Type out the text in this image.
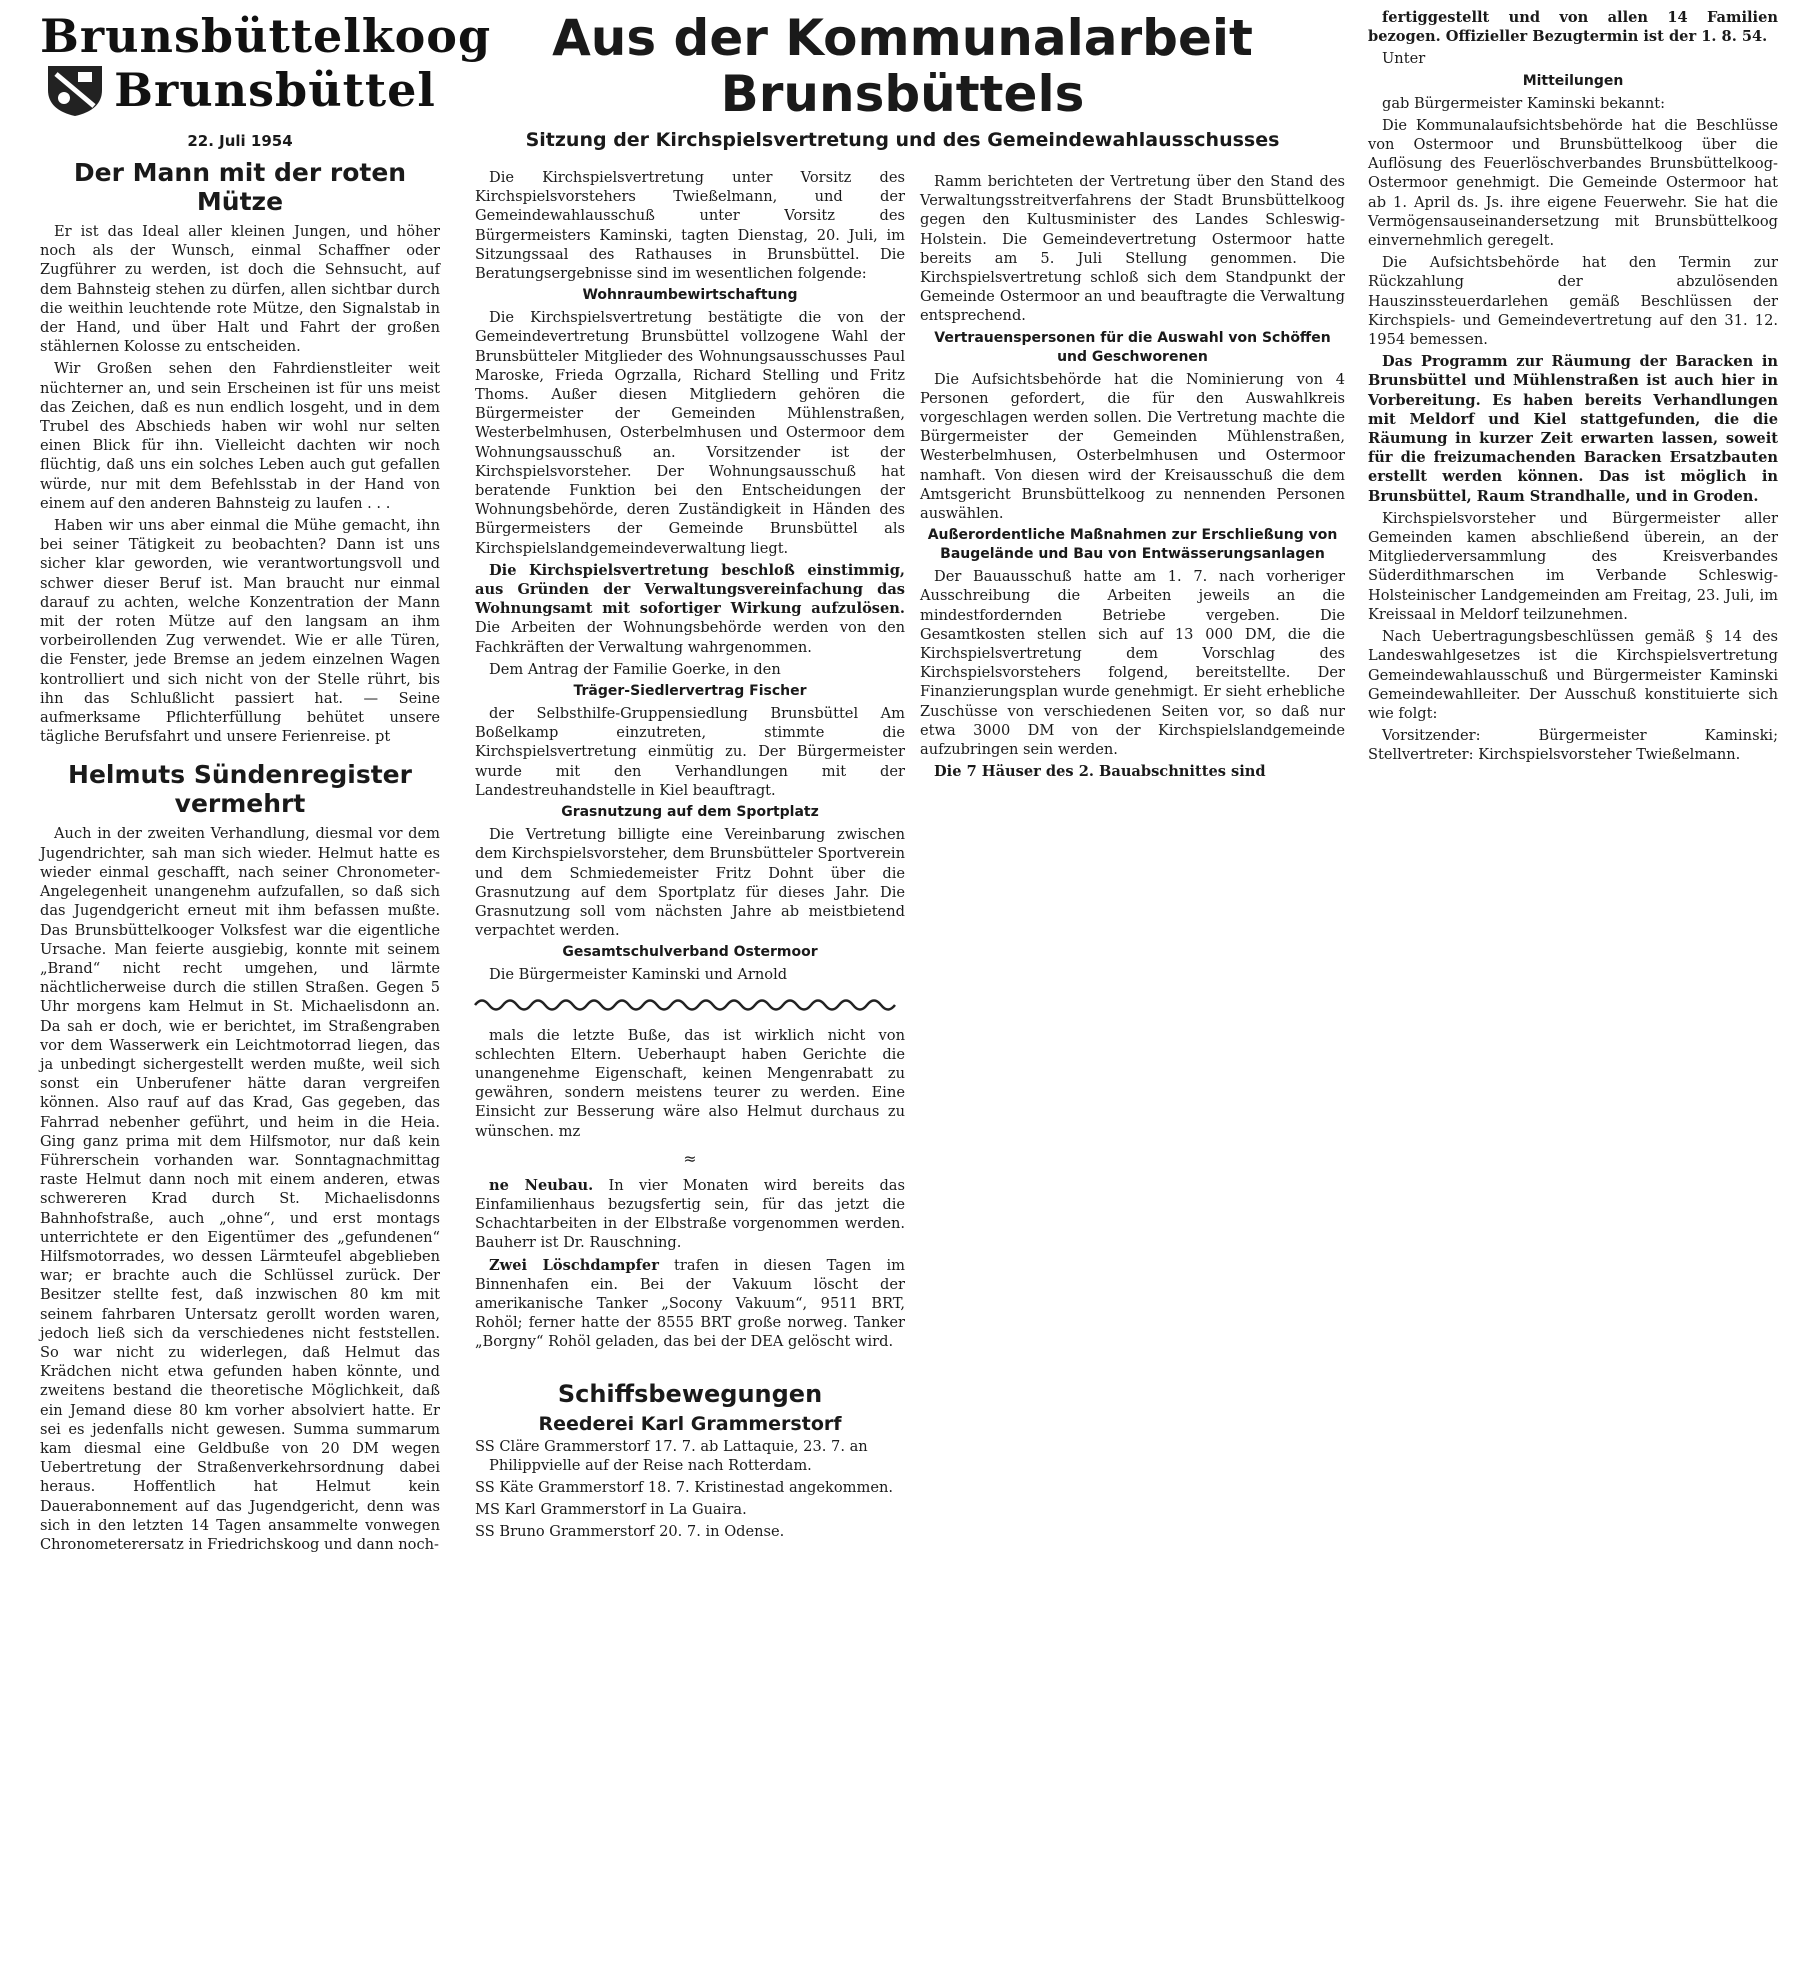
Brunsbüttelkoog
Brunsbüttel
22. Juli 1954
Der Mann mit der roten Mütze

Er ist das Ideal aller kleinen Jungen, und höher noch als der Wunsch, einmal Schaffner oder Zugführer zu werden, ist doch die Sehnsucht, auf dem Bahnsteig stehen zu dürfen, allen sichtbar durch die weithin leuchtende rote Mütze, den Signalstab in der Hand, und über Halt und Fahrt der großen stählernen Kolosse zu entscheiden.

Wir Großen sehen den Fahrdienstleiter weit nüchterner an, und sein Erscheinen ist für uns meist das Zeichen, daß es nun endlich losgeht, und in dem Trubel des Abschieds haben wir wohl nur selten einen Blick für ihn. Vielleicht dachten wir noch flüchtig, daß uns ein solches Leben auch gut gefallen würde, nur mit dem Befehlsstab in der Hand von einem auf den anderen Bahnsteig zu laufen . . .

Haben wir uns aber einmal die Mühe gemacht, ihn bei seiner Tätigkeit zu beobachten? Dann ist uns sicher klar geworden, wie verantwortungsvoll und schwer dieser Beruf ist. Man braucht nur einmal darauf zu achten, welche Konzentration der Mann mit der roten Mütze auf den langsam an ihm vorbeirollenden Zug verwendet. Wie er alle Türen, die Fenster, jede Bremse an jedem einzelnen Wagen kontrolliert und sich nicht von der Stelle rührt, bis ihn das Schlußlicht passiert hat. — Seine aufmerksame Pflichterfüllung behütet unsere tägliche Berufsfahrt und unsere Ferienreise. pt

Helmuts Sündenregister vermehrt

Auch in der zweiten Verhandlung, diesmal vor dem Jugendrichter, sah man sich wieder. Helmut hatte es wieder einmal geschafft, nach seiner Chronometer-Angelegenheit unangenehm aufzufallen, so daß sich das Jugendgericht erneut mit ihm befassen mußte. Das Brunsbüttelkooger Volksfest war die eigentliche Ursache. Man feierte ausgiebig, konnte mit seinem „Brand“ nicht recht umgehen, und lärmte nächtlicherweise durch die stillen Straßen. Gegen 5 Uhr morgens kam Helmut in St. Michaelisdonn an. Da sah er doch, wie er berichtet, im Straßengraben vor dem Wasserwerk ein Leichtmotorrad liegen, das ja unbedingt sichergestellt werden mußte, weil sich sonst ein Unberufener hätte daran vergreifen können. Also rauf auf das Krad, Gas gegeben, das Fahrrad nebenher geführt, und heim in die Heia. Ging ganz prima mit dem Hilfsmotor, nur daß kein Führerschein vorhanden war. Sonntagnachmittag raste Helmut dann noch mit einem anderen, etwas schwereren Krad durch St. Michaelisdonns Bahnhofstraße, auch „ohne“, und erst montags unterrichtete er den Eigentümer des „gefundenen“ Hilfsmotorrades, wo dessen Lärmteufel abgeblieben war; er brachte auch die Schlüssel zurück. Der Besitzer stellte fest, daß inzwischen 80 km mit seinem fahrbaren Untersatz gerollt worden waren, jedoch ließ sich da verschiedenes nicht feststellen. So war nicht zu widerlegen, daß Helmut das Krädchen nicht etwa gefunden haben könnte, und zweitens bestand die theoretische Möglichkeit, daß ein Jemand diese 80 km vorher absolviert hatte. Er sei es jedenfalls nicht gewesen. Summa summarum kam diesmal eine Geldbuße von 20 DM wegen Uebertretung der Straßenverkehrsordnung dabei heraus. Hoffentlich hat Helmut kein Dauerabonnement auf das Jugendgericht, denn was sich in den letzten 14 Tagen ansammelte vonwegen Chronometerersatz in Friedrichskoog und dann noch-

Aus der Kommunalarbeit Brunsbüttels
Sitzung der Kirchspielsvertretung und des Gemeindewahlausschusses

Die Kirchspielsvertretung unter Vorsitz des Kirchspielsvorstehers Twießelmann, und der Gemeindewahlausschuß unter Vorsitz des Bürgermeisters Kaminski, tagten Dienstag, 20. Juli, im Sitzungssaal des Rathauses in Brunsbüttel. Die Beratungsergebnisse sind im wesentlichen folgende:

Wohnraumbewirtschaftung

Die Kirchspielsvertretung bestätigte die von der Gemeindevertretung Brunsbüttel vollzogene Wahl der Brunsbütteler Mitglieder des Wohnungsausschusses Paul Maroske, Frieda Ogrzalla, Richard Stelling und Fritz Thoms. Außer diesen Mitgliedern gehören die Bürgermeister der Gemeinden Mühlenstraßen, Westerbelmhusen, Osterbelmhusen und Ostermoor dem Wohnungsausschuß an. Vorsitzender ist der Kirchspielsvorsteher. Der Wohnungsausschuß hat beratende Funktion bei den Entscheidungen der Wohnungsbehörde, deren Zuständigkeit in Händen des Bürgermeisters der Gemeinde Brunsbüttel als Kirchspielslandgemeindeverwaltung liegt.

Die Kirchspielsvertretung beschloß einstimmig, aus Gründen der Verwaltungsvereinfachung das Wohnungsamt mit sofortiger Wirkung aufzulösen. Die Arbeiten der Wohnungsbehörde werden von den Fachkräften der Verwaltung wahrgenommen.

Dem Antrag der Familie Goerke, in den

Träger-Siedlervertrag Fischer

der Selbsthilfe-Gruppensiedlung Brunsbüttel Am Boßelkamp einzutreten, stimmte die Kirchspielsvertretung einmütig zu. Der Bürgermeister wurde mit den Verhandlungen mit der Landestreuhandstelle in Kiel beauftragt.

Grasnutzung auf dem Sportplatz

Die Vertretung billigte eine Vereinbarung zwischen dem Kirchspielsvorsteher, dem Brunsbütteler Sportverein und dem Schmiedemeister Fritz Dohnt über die Grasnutzung auf dem Sportplatz für dieses Jahr. Die Grasnutzung soll vom nächsten Jahre ab meistbietend verpachtet werden.

Gesamtschulverband Ostermoor

Die Bürgermeister Kaminski und Arnold

mals die letzte Buße, das ist wirklich nicht von schlechten Eltern. Ueberhaupt haben Gerichte die unangenehme Eigenschaft, keinen Mengenrabatt zu gewähren, sondern meistens teurer zu werden. Eine Einsicht zur Besserung wäre also Helmut durchaus zu wünschen. mz

≈

ne Neubau. In vier Monaten wird bereits das Einfamilienhaus bezugsfertig sein, für das jetzt die Schachtarbeiten in der Elbstraße vorgenommen werden. Bauherr ist Dr. Rauschning.

Zwei Löschdampfer trafen in diesen Tagen im Binnenhafen ein. Bei der Vakuum löscht der amerikanische Tanker „Socony Vakuum“, 9511 BRT, Rohöl; ferner hatte der 8555 BRT große norweg. Tanker „Borgny“ Rohöl geladen, das bei der DEA gelöscht wird.

Schiffsbewegungen
Reederei Karl Grammerstorf

SS Cläre Grammerstorf 17. 7. ab Lattaquie, 23. 7. an Philippvielle auf der Reise nach Rotterdam.

SS Käte Grammerstorf 18. 7. Kristinestad angekommen.

MS Karl Grammerstorf in La Guaira.

SS Bruno Grammerstorf 20. 7. in Odense.

Ramm berichteten der Vertretung über den Stand des Verwaltungsstreitverfahrens der Stadt Brunsbüttelkoog gegen den Kultusminister des Landes Schleswig-Holstein. Die Gemeindevertretung Ostermoor hatte bereits am 5. Juli Stellung genommen. Die Kirchspielsvertretung schloß sich dem Standpunkt der Gemeinde Ostermoor an und beauftragte die Verwaltung entsprechend.

Vertrauenspersonen für die Auswahl von Schöffen und Geschworenen

Die Aufsichtsbehörde hat die Nominierung von 4 Personen gefordert, die für den Auswahlkreis vorgeschlagen werden sollen. Die Vertretung machte die Bürgermeister der Gemeinden Mühlenstraßen, Westerbelmhusen, Osterbelmhusen und Ostermoor namhaft. Von diesen wird der Kreisausschuß die dem Amtsgericht Brunsbüttelkoog zu nennenden Personen auswählen.

Außerordentliche Maßnahmen zur Erschließung von Baugelände und Bau von Entwässerungsanlagen

Der Bauausschuß hatte am 1. 7. nach vorheriger Ausschreibung die Arbeiten jeweils an die mindestfordernden Betriebe vergeben. Die Gesamtkosten stellen sich auf 13 000 DM, die die Kirchspielsvertretung dem Vorschlag des Kirchspielsvorstehers folgend, bereitstellte. Der Finanzierungsplan wurde genehmigt. Er sieht erhebliche Zuschüsse von verschiedenen Seiten vor, so daß nur etwa 3000 DM von der Kirchspielslandgemeinde aufzubringen sein werden.

Die 7 Häuser des 2. Bauabschnittes sind

fertiggestellt und von allen 14 Familien bezogen. Offizieller Bezugtermin ist der 1. 8. 54.

Unter

Mitteilungen

gab Bürgermeister Kaminski bekannt:

Die Kommunalaufsichtsbehörde hat die Beschlüsse von Ostermoor und Brunsbüttelkoog über die Auflösung des Feuerlöschverbandes Brunsbüttelkoog-Ostermoor genehmigt. Die Gemeinde Ostermoor hat ab 1. April ds. Js. ihre eigene Feuerwehr. Sie hat die Vermögensauseinandersetzung mit Brunsbüttelkoog einvernehmlich geregelt.

Die Aufsichtsbehörde hat den Termin zur Rückzahlung der abzulösenden Hauszinssteuerdarlehen gemäß Beschlüssen der Kirchspiels- und Gemeindevertretung auf den 31. 12. 1954 bemessen.

Das Programm zur Räumung der Baracken in Brunsbüttel und Mühlenstraßen ist auch hier in Vorbereitung. Es haben bereits Verhandlungen mit Meldorf und Kiel stattgefunden, die die Räumung in kurzer Zeit erwarten lassen, soweit für die freizumachenden Baracken Ersatzbauten erstellt werden können. Das ist möglich in Brunsbüttel, Raum Strandhalle, und in Groden.

Kirchspielsvorsteher und Bürgermeister aller Gemeinden kamen abschließend überein, an der Mitgliederversammlung des Kreisverbandes Süderdithmarschen im Verbande Schleswig-Holsteinischer Landgemeinden am Freitag, 23. Juli, im Kreissaal in Meldorf teilzunehmen.

Nach Uebertragungsbeschlüssen gemäß § 14 des Landeswahlgesetzes ist die Kirchspielsvertretung Gemeindewahlausschuß und Bürgermeister Kaminski Gemeindewahlleiter. Der Ausschuß konstituierte sich wie folgt:

Vorsitzender: Bürgermeister Kaminski; Stellvertreter: Kirchspielsvorsteher Twießelmann.
